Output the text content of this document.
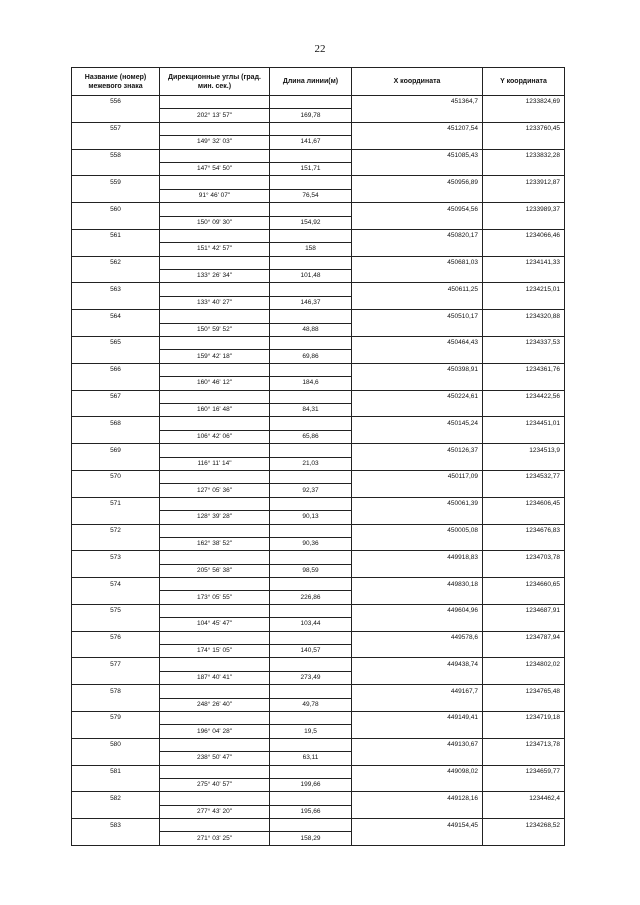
22
Название (номер) межевого знака	Дирекционные углы (град. мин. сек.)	Длина линии(м)	X координата	Y координата
556			451364,7	1233824,69
	202° 13' 57"	169,78		
557			451207,54	1233760,45
	149° 32' 03"	141,67		
558			451085,43	1233832,28
	147° 54' 50"	151,71		
559			450956,89	1233912,87
	91° 46' 07"	76,54		
560			450954,56	1233989,37
	150° 09' 30"	154,92		
561			450820,17	1234066,46
	151° 42' 57"	158		
562			450681,03	1234141,33
	133° 26' 34"	101,48		
563			450611,25	1234215,01
	133° 40' 27"	146,37		
564			450510,17	1234320,88
	150° 59' 52"	48,88		
565			450464,43	1234337,53
	159° 42' 18"	69,86		
566			450398,91	1234361,76
	160° 46' 12"	184,6		
567			450224,61	1234422,56
	160° 16' 48"	84,31		
568			450145,24	1234451,01
	106° 42' 06"	65,86		
569			450126,37	1234513,9
	116° 11' 14"	21,03		
570			450117,09	1234532,77
	127° 05' 36"	92,37		
571			450061,39	1234606,45
	128° 39' 28"	90,13		
572			450005,08	1234676,83
	162° 38' 52"	90,36		
573			449918,83	1234703,78
	205° 56' 38"	98,59		
574			449830,18	1234660,65
	173° 05' 55"	226,86		
575			449604,96	1234687,91
	104° 45' 47"	103,44		
576			449578,6	1234787,94
	174° 15' 05"	140,57		
577			449438,74	1234802,02
	187° 40' 41"	273,49		
578			449167,7	1234765,48
	248° 26' 40"	49,78		
579			449149,41	1234719,18
	196° 04' 28"	19,5		
580			449130,67	1234713,78
	238° 50' 47"	63,11		
581			449098,02	1234659,77
	275° 40' 57"	199,66		
582			449128,16	1234462,4
	277° 43' 20"	195,66		
583			449154,45	1234268,52
	271° 03' 25"	158,29		
